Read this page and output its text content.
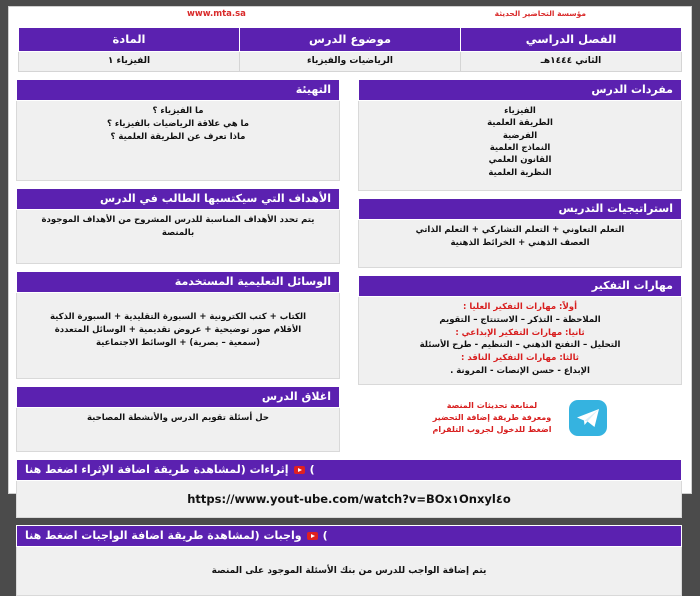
www.mta.sa	مؤسسة التحاضير الحديثة
الفصل الدراسي	موضوع الدرس	المادة
الثاني ١٤٤٤هـ	الرياضيات والفيزياء	الفيزياء ١
مفردات الدرس
الفيزياء
الطريقة العلمية
الفرضية
النماذج العلمية
القانون العلمي
النظرية العلمية
استراتيجيات التدريس
التعلم التعاوني + التعلم التشاركي + التعلم الذاتي
العصف الذهني + الخرائط الذهنية
مهارات التفكير
أولاً: مهارات التفكير العليا :
الملاحظة – التذكر – الاستنتاج – التقويم
ثانيا: مهارات التفكير الإبداعي :
التحليل – التفتح الذهني – التنظيم - طرح الأسئلة
ثالثا: مهارات التفكير الناقد :
الإبداع - حسن الإنصات - المرونة .
لمتابعة تحديثات المنصة
ومعرفة طريقة إضافة التحضير
اضغط للدخول لجروب التلقرام
التهيئة
ما الفيزياء ؟
ما هي علاقة الرياضيات بالفيزياء ؟
ماذا تعرف عن الطريقة العلمية ؟
الأهداف التي سيكتسبها الطالب في الدرس
يتم تحدد الأهداف المناسبة للدرس المشروح من الأهداف الموجودة
بالمنصة
الوسائل التعليمية المستخدمة
الكتاب + كتب الكترونية + السبورة التقليدية + السبورة الذكية
الأقلام صور توضيحية + عروض تقديمية + الوسائل المتعددة
(سمعية – بصرية) + الوسائط الاجتماعية
اغلاق الدرس
حل أسئلة تقويم الدرس والأنشطة المصاحبة
)
إثراءات (لمشاهدة طريقة اضافة الإثراء اضغط هنا
https://www.yout-ube.com/watch?v=BOx١Onxyl٤o
)
واجبات (لمشاهدة طريقة اضافة الواجبات اضغط هنا
يتم إضافة الواجب للدرس من بنك الأسئلة الموجود على المنصة
